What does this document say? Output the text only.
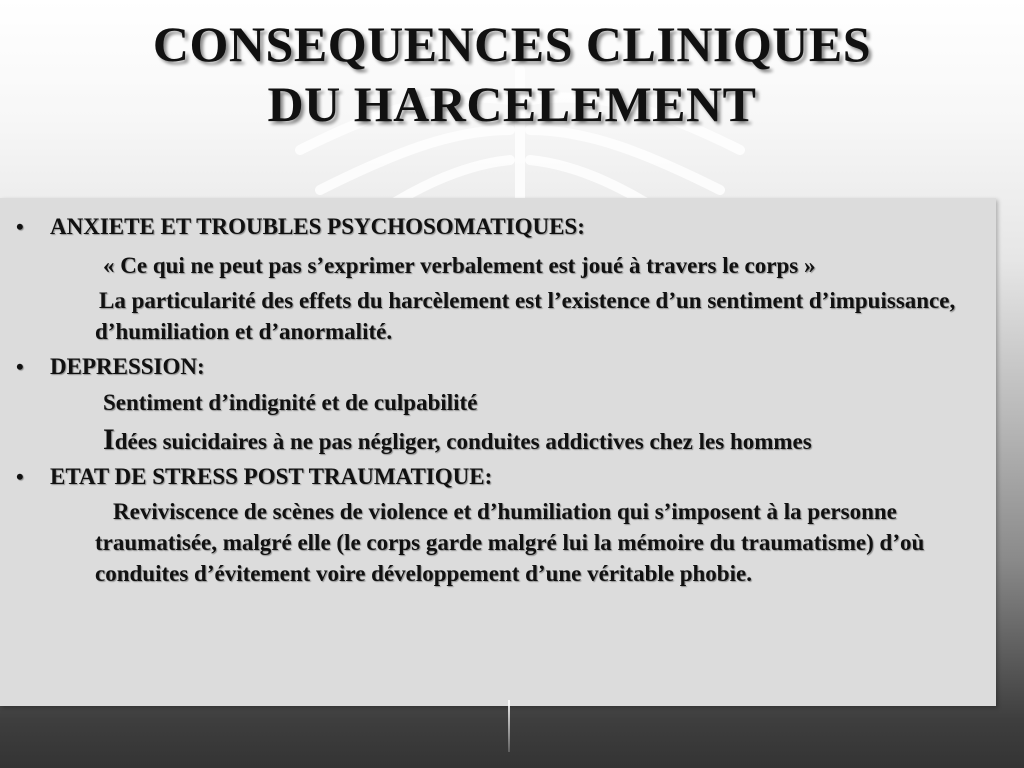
CONSEQUENCES CLINIQUES
DU HARCELEMENT
• ANXIETE ET TROUBLES PSYCHOSOMATIQUES:
« Ce qui ne peut pas s’exprimer verbalement est joué à travers le corps »
La particularité des effets du harcèlement est l’existence d’un sentiment d’impuissance, d’humiliation et d’anormalité.
• DEPRESSION:
Sentiment d’indignité et de culpabilité
Idées suicidaires à ne pas négliger, conduites addictives chez les hommes
• ETAT DE STRESS POST TRAUMATIQUE:
Reviviscence de scènes de violence et d’humiliation qui s’imposent à la personne traumatisée, malgré elle (le corps garde malgré lui la mémoire du traumatisme) d’où conduites d’évitement voire développement d’une véritable phobie.
